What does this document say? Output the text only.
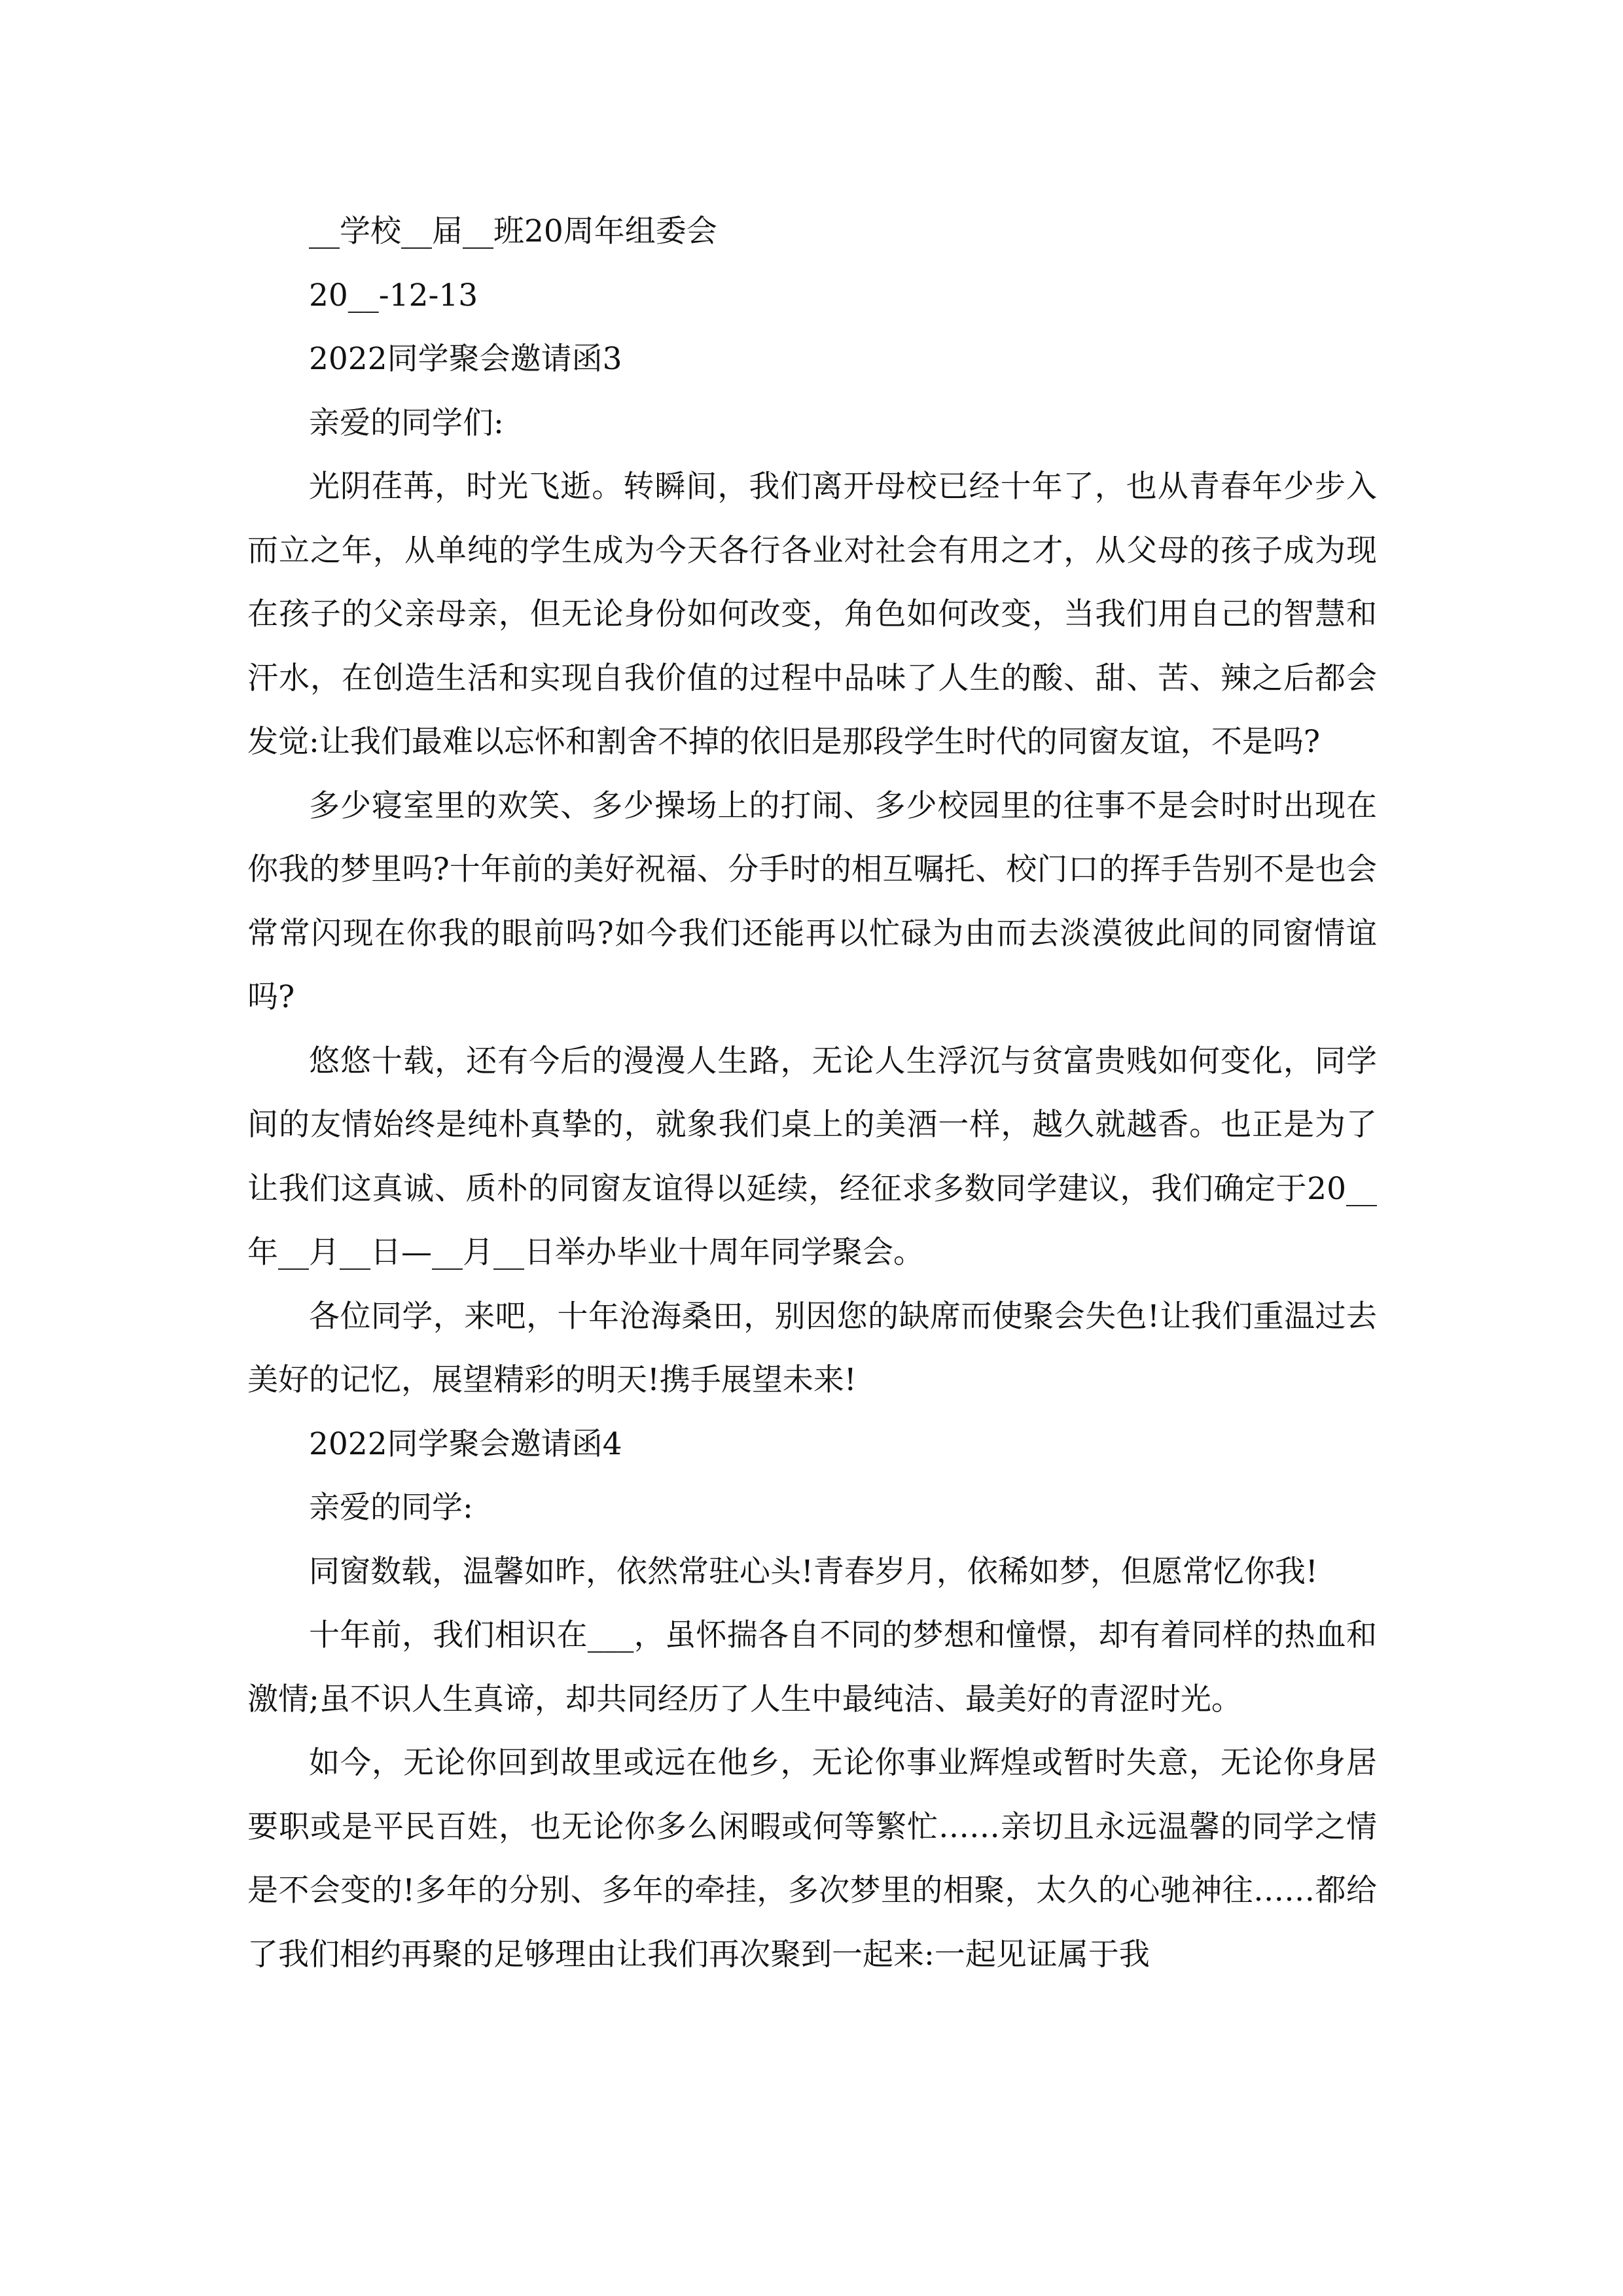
__学校__届__班20周年组委会

20__-12-13

2022同学聚会邀请函3

亲爱的同学们:

光阴荏苒，时光飞逝。转瞬间，我们离开母校已经十年了，也从青春年少步入而立之年，从单纯的学生成为今天各行各业对社会有用之才，从父母的孩子成为现在孩子的父亲母亲，但无论身份如何改变，角色如何改变，当我们用自己的智慧和汗水，在创造生活和实现自我价值的过程中品味了人生的酸、甜、苦、辣之后都会发觉:让我们最难以忘怀和割舍不掉的依旧是那段学生时代的同窗友谊，不是吗?

多少寝室里的欢笑、多少操场上的打闹、多少校园里的往事不是会时时出现在你我的梦里吗?十年前的美好祝福、分手时的相互嘱托、校门口的挥手告别不是也会常常闪现在你我的眼前吗?如今我们还能再以忙碌为由而去淡漠彼此间的同窗情谊吗?

悠悠十载，还有今后的漫漫人生路，无论人生浮沉与贫富贵贱如何变化，同学间的友情始终是纯朴真挚的，就象我们桌上的美酒一样，越久就越香。也正是为了让我们这真诚、质朴的同窗友谊得以延续，经征求多数同学建议，我们确定于20__年__月__日—__月__日举办毕业十周年同学聚会。

各位同学，来吧，十年沧海桑田，别因您的缺席而使聚会失色!让我们重温过去美好的记忆，展望精彩的明天!携手展望未来!

2022同学聚会邀请函4

亲爱的同学:

同窗数载，温馨如昨，依然常驻心头!青春岁月，依稀如梦，但愿常忆你我!

十年前，我们相识在___，虽怀揣各自不同的梦想和憧憬，却有着同样的热血和激情;虽不识人生真谛，却共同经历了人生中最纯洁、最美好的青涩时光。

如今，无论你回到故里或远在他乡，无论你事业辉煌或暂时失意，无论你身居要职或是平民百姓，也无论你多么闲暇或何等繁忙……亲切且永远温馨的同学之情是不会变的!多年的分别、多年的牵挂，多次梦里的相聚，太久的心驰神往……都给了我们相约再聚的足够理由让我们再次聚到一起来:一起见证属于我
